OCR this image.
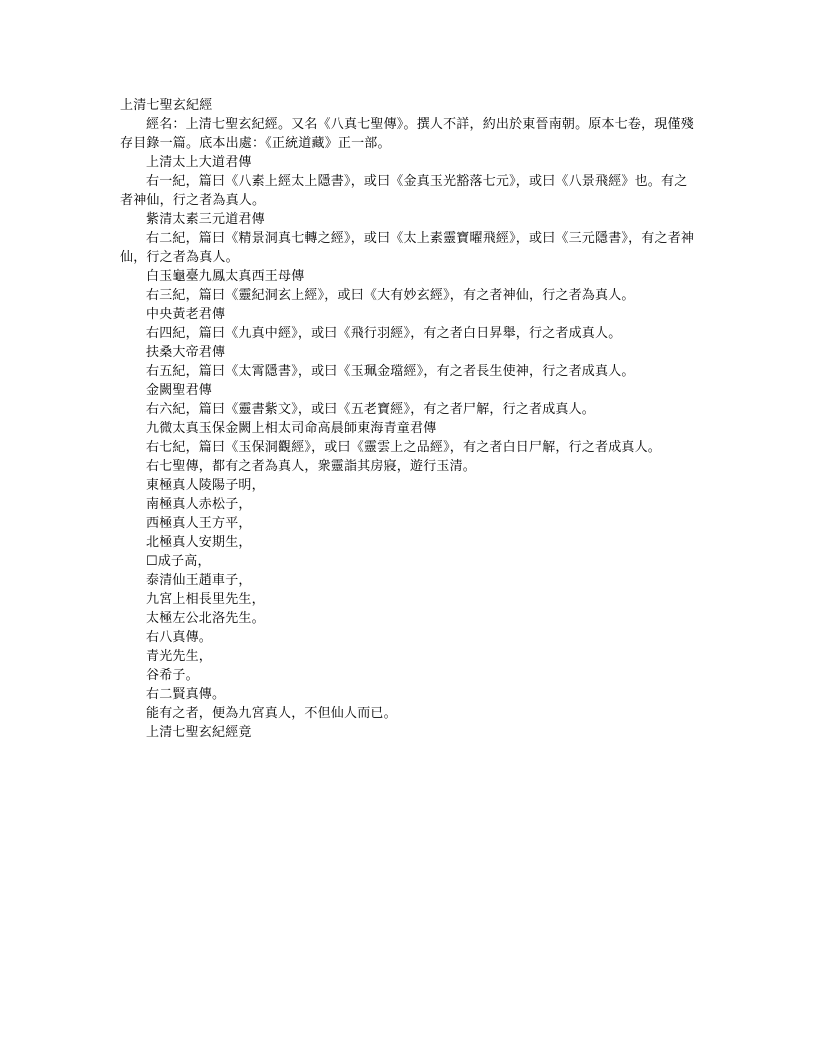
上清七聖玄紀經

經名：上清七聖玄紀經。又名《八真七聖傳》。撰人不詳，約出於東晉南朝。原本七卷，現僅殘存目錄一篇。底本出處：《正統道藏》正一部。

上清太上大道君傳

右一紀，篇曰《八素上經太上隱書》，或曰《金真玉光豁落七元》，或曰《八景飛經》也。有之者神仙，行之者為真人。

紫清太素三元道君傳

右二紀，篇曰《精景洞真七轉之經》，或曰《太上素靈寶曜飛經》，或曰《三元隱書》，有之者神仙，行之者為真人。

白玉龜臺九鳳太真西王母傳

右三紀，篇曰《靈紀洞玄上經》，或曰《大有妙玄經》，有之者神仙，行之者為真人。

中央黃老君傳

右四紀，篇曰《九真中經》，或曰《飛行羽經》，有之者白日昇舉，行之者成真人。

扶桑大帝君傳

右五紀，篇曰《太霄隱書》，或曰《玉珮金璫經》，有之者長生使神，行之者成真人。

金闕聖君傳

右六紀，篇曰《靈書紫文》，或曰《五老寶經》，有之者尸解，行之者成真人。

九微太真玉保金闕上相太司命高晨師東海青童君傳

右七紀，篇曰《玉保洞觀經》，或曰《靈雲上之品經》，有之者白日尸解，行之者成真人。

右七聖傳，都有之者為真人，衆靈詣其房寢，遊行玉清。

東極真人陵陽子明，

南極真人赤松子，

西極真人王方平，

北極真人安期生，

☐成子高，

泰清仙王趙車子，

九宮上相長里先生，

太極左公北洛先生。

右八真傳。

青光先生，

谷希子。

右二賢真傳。

能有之者，便為九宮真人，不但仙人而已。

上清七聖玄紀經竟
